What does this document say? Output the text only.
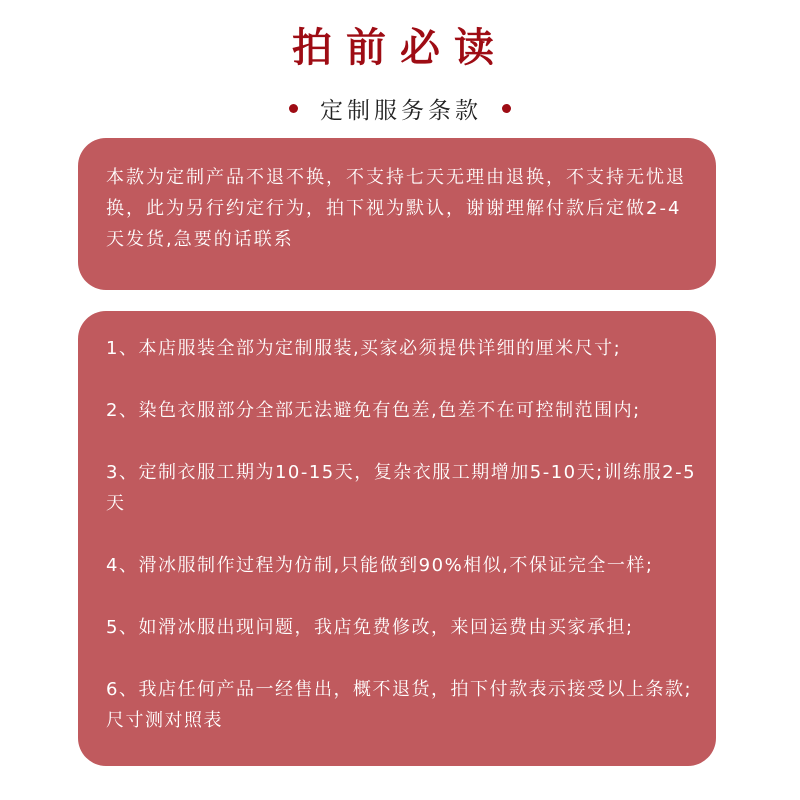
拍前必读
定制服务条款
本款为定制产品不退不换，不支持七天无理由退换，不支持无忧退换，此为另行约定行为，拍下视为默认，谢谢理解付款后定做2-4天发货,急要的话联系
1、本店服装全部为定制服装,买家必须提供详细的厘米尺寸;
2、染色衣服部分全部无法避免有色差,色差不在可控制范围内;
3、定制衣服工期为10-15天，复杂衣服工期增加5-10天;训练服2-5天
4、滑冰服制作过程为仿制,只能做到90%相似,不保证完全一样;
5、如滑冰服出现问题，我店免费修改，来回运费由买家承担;
6、我店任何产品一经售出，概不退货，拍下付款表示接受以上条款;尺寸测对照表
